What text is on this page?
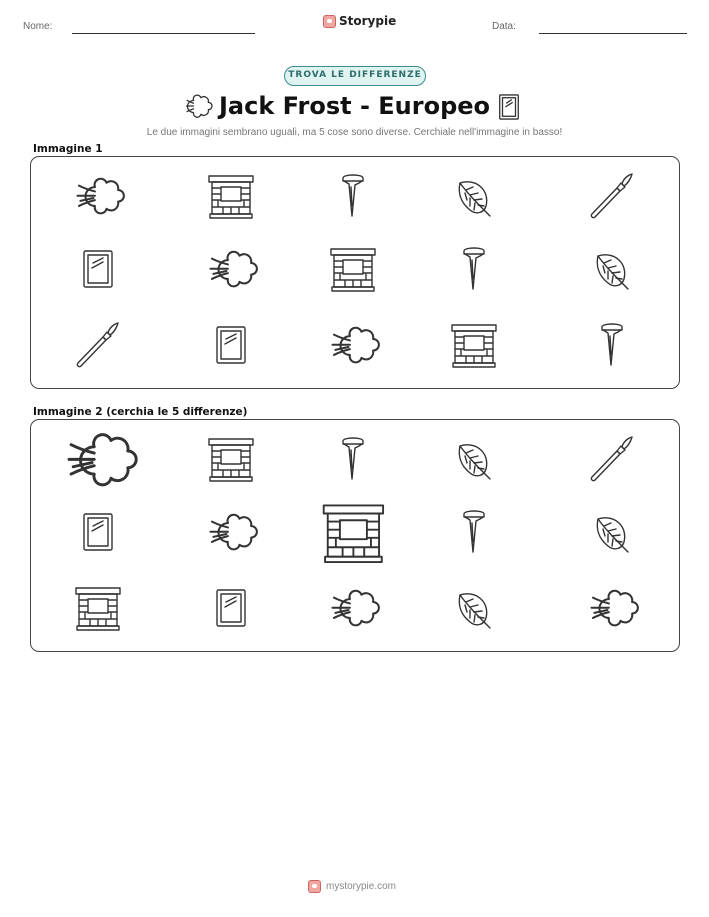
Nome:	Storypie	Data:
TROVA LE DIFFERENZE
Jack Frost - Europeo
Le due immagini sembrano uguali, ma 5 cose sono diverse. Cerchiale nell'immagine in basso!
Immagine 1
Immagine 2 (cerchia le 5 differenze)
mystorypie.com
